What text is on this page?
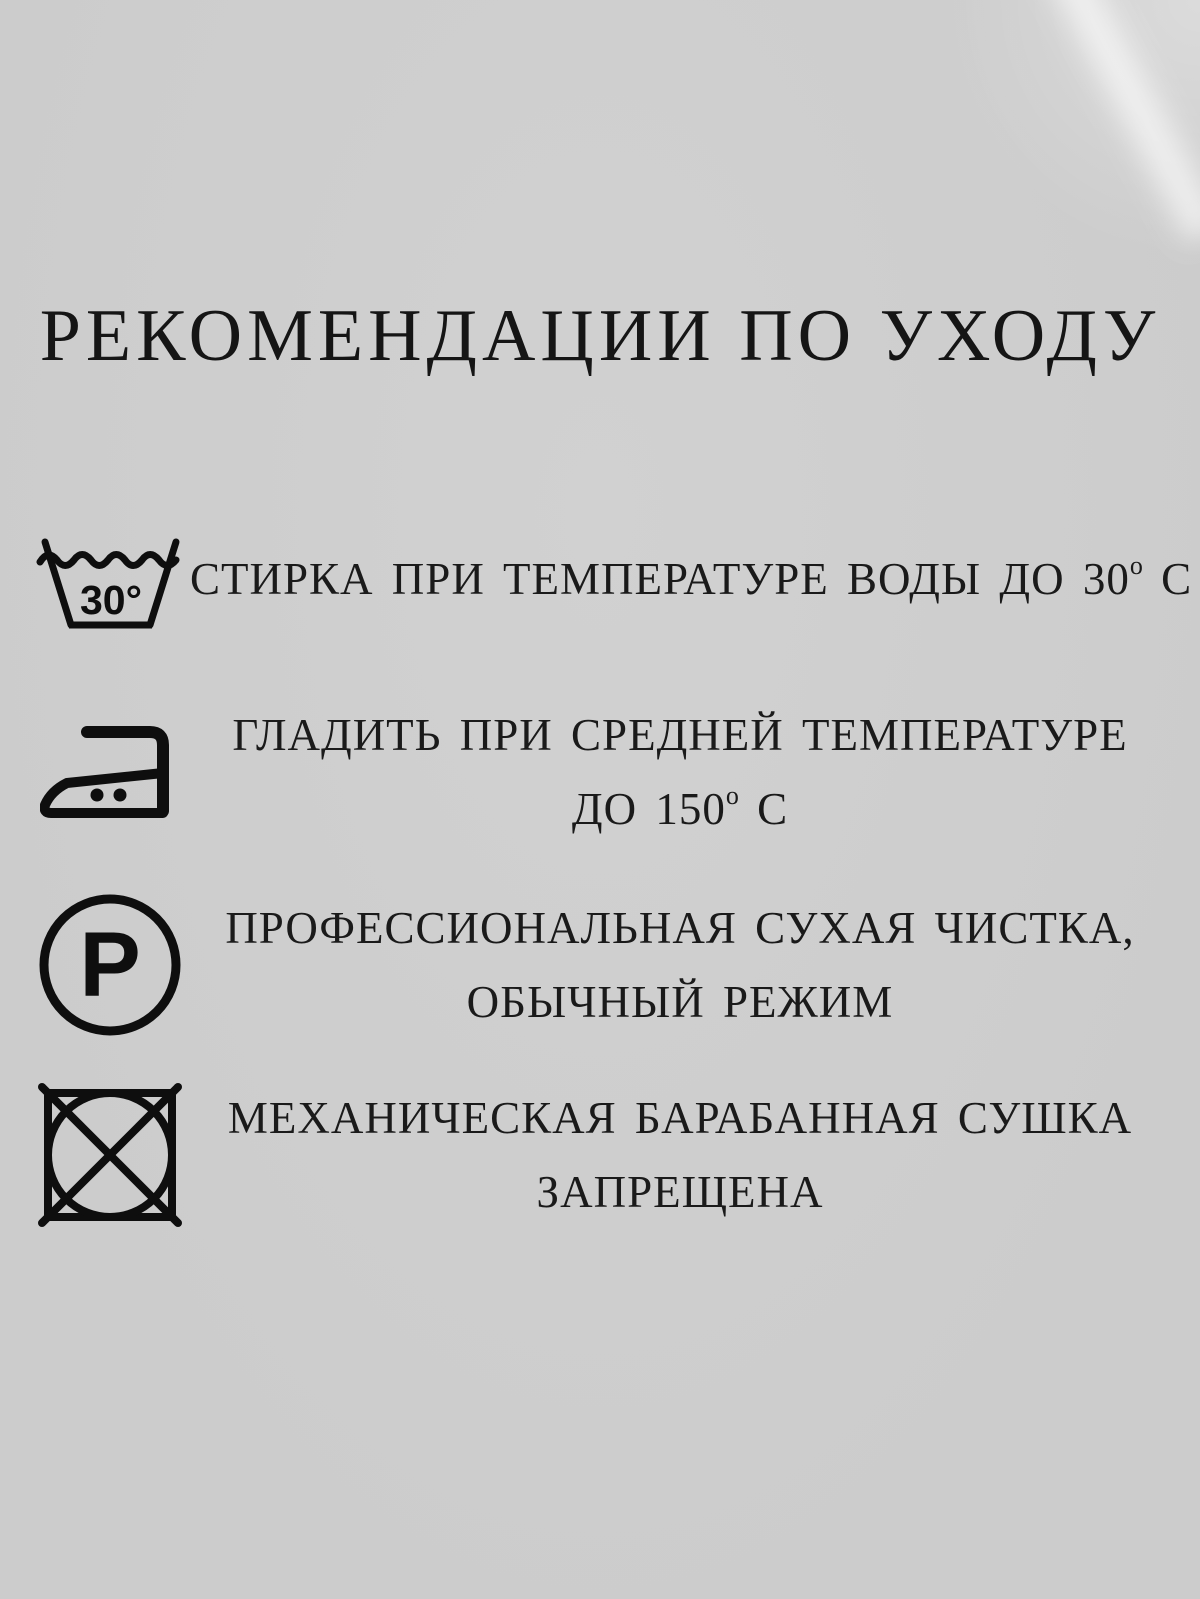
РЕКОМЕНДАЦИИ ПО УХОДУ
30° СТИРКА ПРИ ТЕМПЕРАТУРЕ ВОДЫ ДО $30^о$ С
ГЛАДИТЬ ПРИ СРЕДНЕЙ ТЕМПЕРАТУРЕ
ДО $150^о$ С
P	ПРОФЕССИОНАЛЬНАЯ СУХАЯ ЧИСТКА,
ОБЫЧНЫЙ РЕЖИМ
МЕХАНИЧЕСКАЯ БАРАБАННАЯ СУШКА
ЗАПРЕЩЕНА
